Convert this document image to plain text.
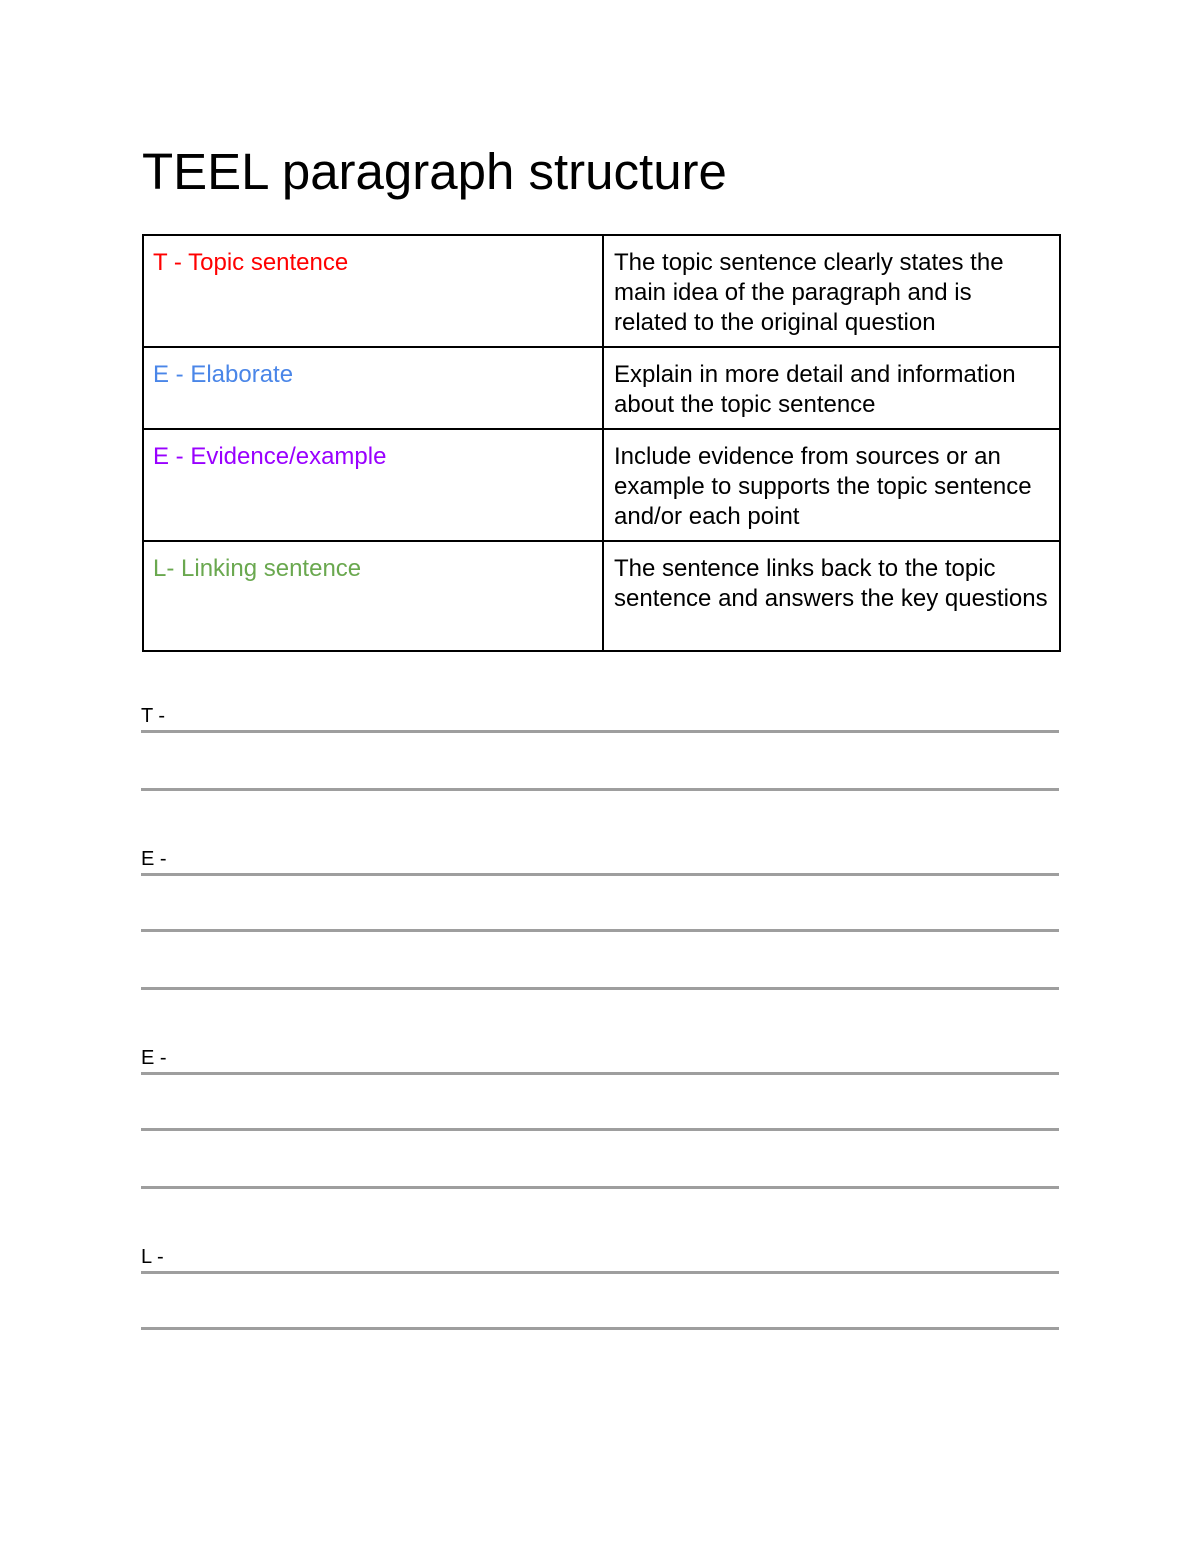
TEEL paragraph structure
T - Topic sentence	The topic sentence clearly states the main idea of the paragraph and is related to the original question
E - Elaborate	Explain in more detail and information about the topic sentence
E - Evidence/example	Include evidence from sources or an example to supports the topic sentence and/or each point
L- Linking sentence	The sentence links back to the topic sentence and answers the key questions
T -
E -
E -
L -
